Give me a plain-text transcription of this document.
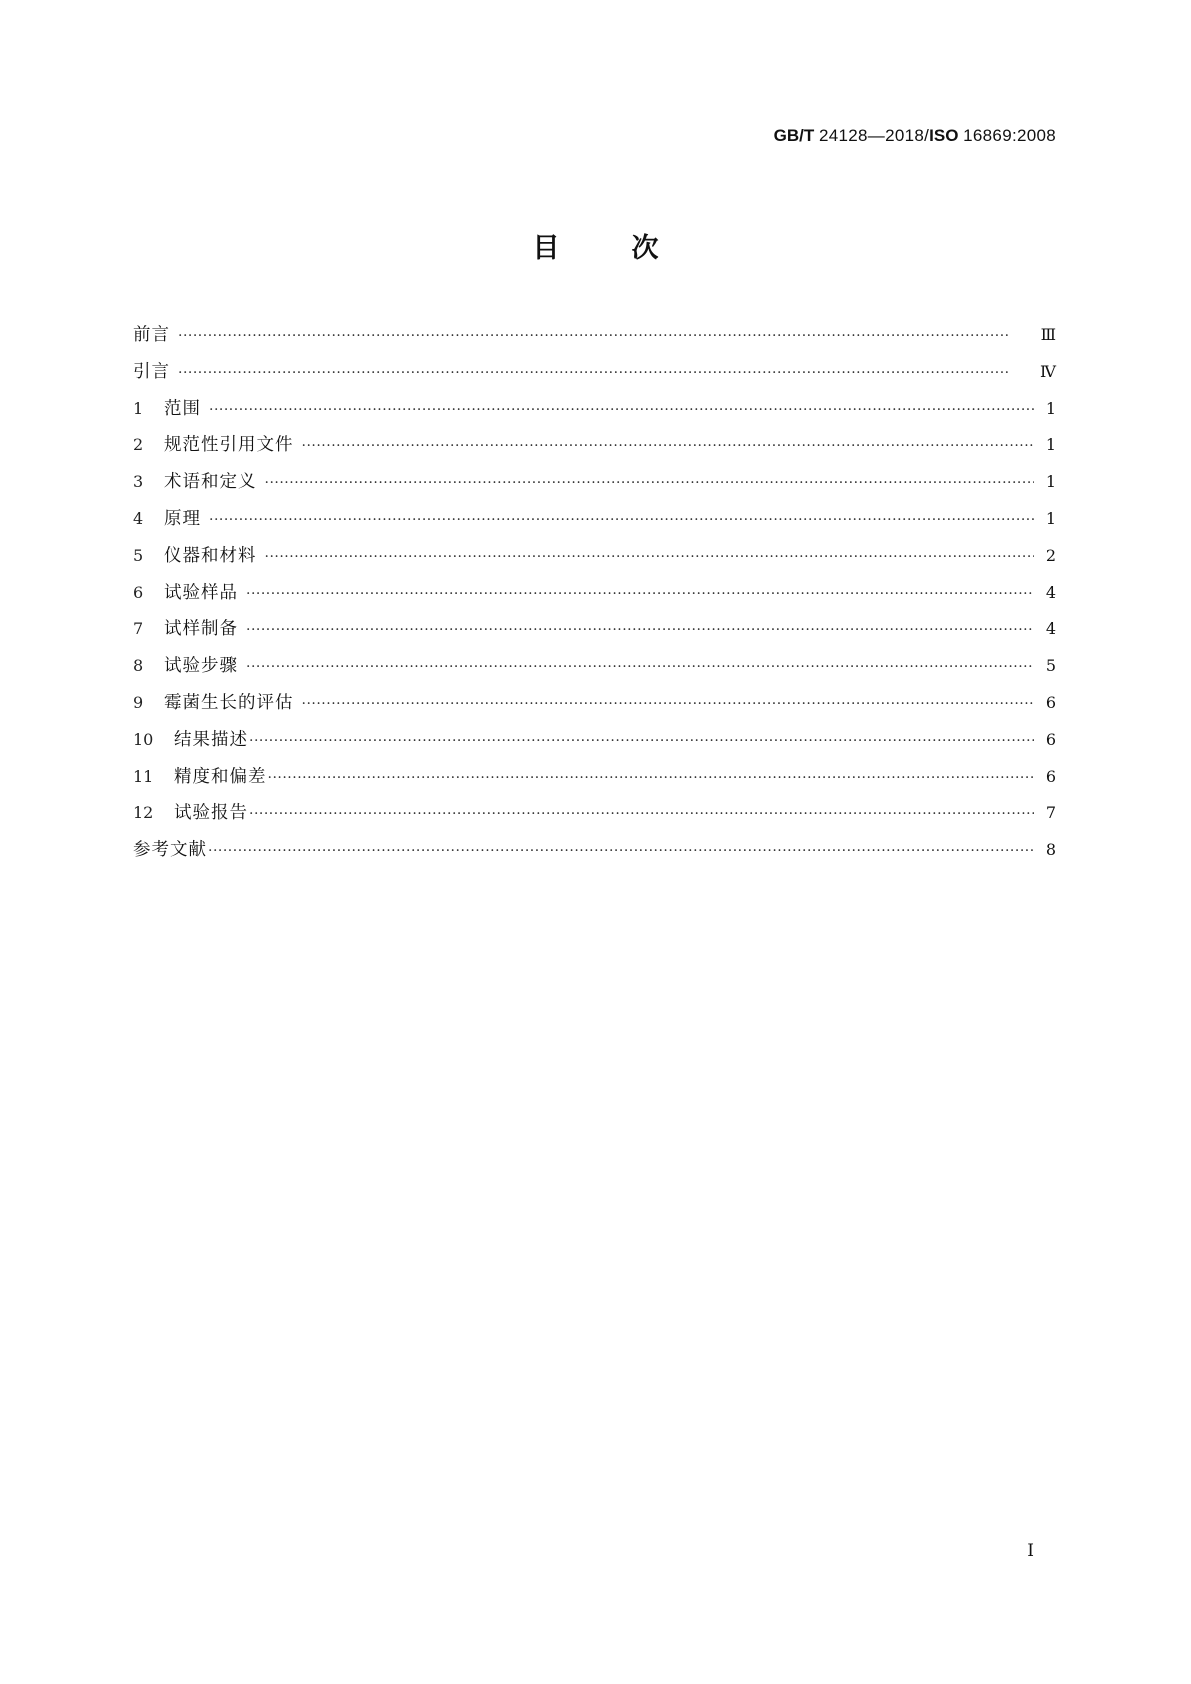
GB/T 24128—2018/ISO 16869:2008
目	次
前言 ·····	Ⅲ
引言 ·····	Ⅳ
1	范围 ·····	1
2	规范性引用文件 ·····	1
3	术语和定义 ·····	1
4	原理 ·····	1
5	仪器和材料 ·····	2
6	试验样品 ·····	4
7	试样制备 ·····	4
8	试验步骤 ·····	5
9	霉菌生长的评估 ·····	6
10	结果描述 ·····	6
11	精度和偏差 ·····	6
12	试验报告 ·····	7
参考文献 ·····	8
I
